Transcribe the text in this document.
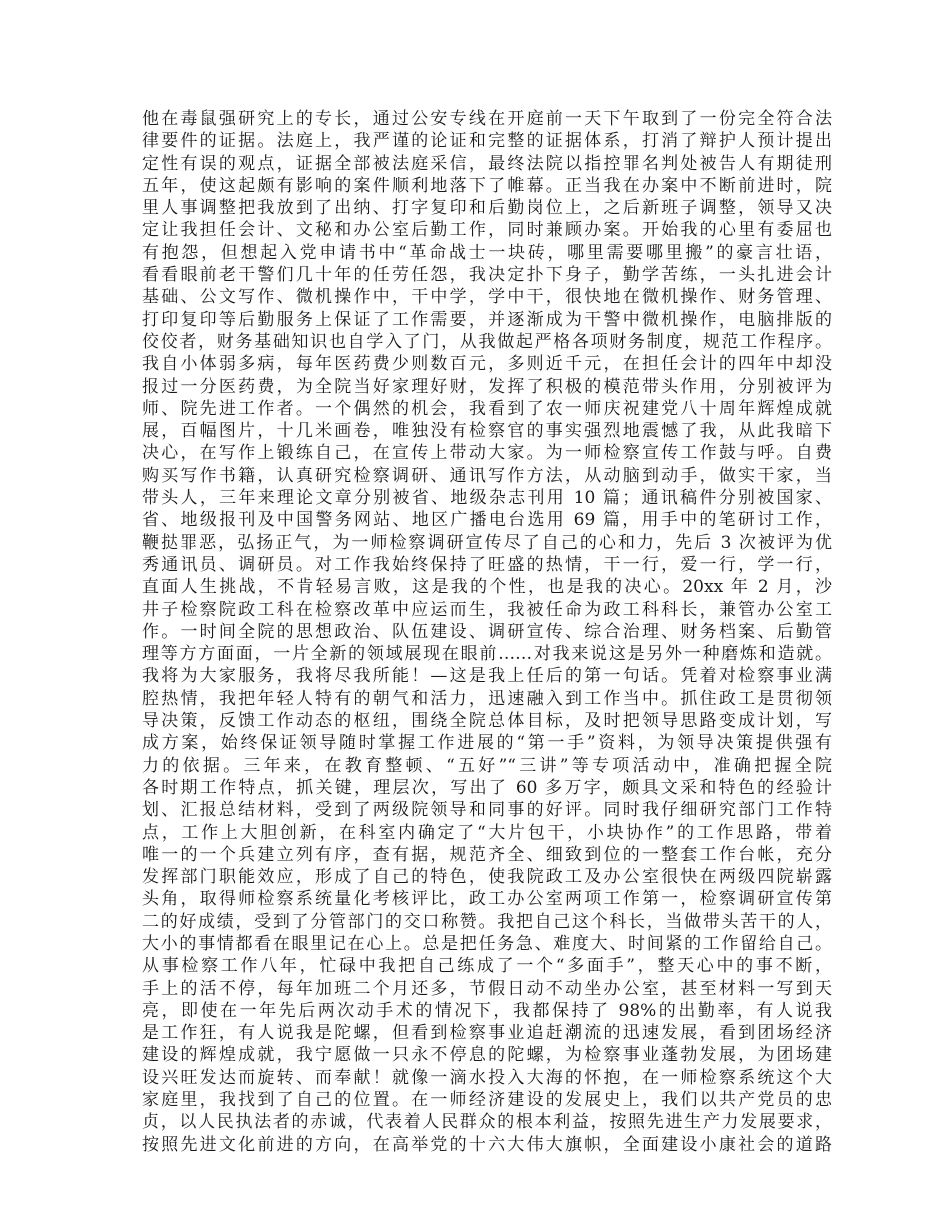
他在毒鼠强研究上的专长，通过公安专线在开庭前一天下午取到了一份完全符合法
律要件的证据。法庭上，我严谨的论证和完整的证据体系，打消了辩护人预计提出
定性有误的观点，证据全部被法庭采信，最终法院以指控罪名判处被告人有期徒刑
五年，使这起颇有影响的案件顺利地落下了帷幕。正当我在办案中不断前进时，院
里人事调整把我放到了出纳、打字复印和后勤岗位上，之后新班子调整，领导又决
定让我担任会计、文秘和办公室后勤工作，同时兼顾办案。开始我的心里有委屈也
有抱怨，但想起入党申请书中“革命战士一块砖，哪里需要哪里搬”的豪言壮语，
看看眼前老干警们几十年的任劳任怨，我决定扑下身子，勤学苦练，一头扎进会计
基础、公文写作、微机操作中，干中学，学中干，很快地在微机操作、财务管理、
打印复印等后勤服务上保证了工作需要，并逐渐成为干警中微机操作，电脑排版的
佼佼者，财务基础知识也自学入了门，从我做起严格各项财务制度，规范工作程序。
我自小体弱多病，每年医药费少则数百元，多则近千元，在担任会计的四年中却没
报过一分医药费，为全院当好家理好财，发挥了积极的模范带头作用，分别被评为
师、院先进工作者。一个偶然的机会，我看到了农一师庆祝建党八十周年辉煌成就
展，百幅图片，十几米画卷，唯独没有检察官的事实强烈地震憾了我，从此我暗下
决心，在写作上锻练自己，在宣传上带动大家。为一师检察宣传工作鼓与呼。自费
购买写作书籍，认真研究检察调研、通讯写作方法，从动脑到动手，做实干家，当
带头人，三年来理论文章分别被省、地级杂志刊用 10 篇；通讯稿件分别被国家、
省、地级报刊及中国警务网站、地区广播电台选用 69 篇，用手中的笔研讨工作，
鞭挞罪恶，弘扬正气，为一师检察调研宣传尽了自己的心和力，先后 3 次被评为优
秀通讯员、调研员。对工作我始终保持了旺盛的热情，干一行，爱一行，学一行，
直面人生挑战，不肯轻易言败，这是我的个性，也是我的决心。20xx 年 2 月，沙
井子检察院政工科在检察改革中应运而生，我被任命为政工科科长，兼管办公室工
作。一时间全院的思想政治、队伍建设、调研宣传、综合治理、财务档案、后勤管
理等方方面面，一片全新的领域展现在眼前……对我来说这是另外一种磨炼和造就。
我将为大家服务，我将尽我所能！—这是我上任后的第一句话。凭着对检察事业满
腔热情，我把年轻人特有的朝气和活力，迅速融入到工作当中。抓住政工是贯彻领
导决策，反馈工作动态的枢纽，围绕全院总体目标，及时把领导思路变成计划，写
成方案，始终保证领导随时掌握工作进展的“第一手”资料，为领导决策提供强有
力的依据。三年来，在教育整顿、“五好”“三讲”等专项活动中，准确把握全院
各时期工作特点，抓关键，理层次，写出了 60 多万字，颇具文采和特色的经验计
划、汇报总结材料，受到了两级院领导和同事的好评。同时我仔细研究部门工作特
点，工作上大胆创新，在科室内确定了“大片包干，小块协作”的工作思路，带着
唯一的一个兵建立列有序，查有据，规范齐全、细致到位的一整套工作台帐，充分
发挥部门职能效应，形成了自己的特色，使我院政工及办公室很快在两级四院崭露
头角，取得师检察系统量化考核评比，政工办公室两项工作第一，检察调研宣传第
二的好成绩，受到了分管部门的交口称赞。我把自己这个科长，当做带头苦干的人，
大小的事情都看在眼里记在心上。总是把任务急、难度大、时间紧的工作留给自己。
从事检察工作八年，忙碌中我把自己练成了一个“多面手”，整天心中的事不断，
手上的活不停，每年加班二个月还多，节假日动不动坐办公室，甚至材料一写到天
亮，即使在一年先后两次动手术的情况下，我都保持了 98%的出勤率，有人说我
是工作狂，有人说我是陀螺，但看到检察事业追赶潮流的迅速发展，看到团场经济
建设的辉煌成就，我宁愿做一只永不停息的陀螺，为检察事业蓬勃发展，为团场建
设兴旺发达而旋转、而奉献！就像一滴水投入大海的怀抱，在一师检察系统这个大
家庭里，我找到了自己的位置。在一师经济建设的发展史上，我们以共产党员的忠
贞，以人民执法者的赤诚，代表着人民群众的根本利益，按照先进生产力发展要求，
按照先进文化前进的方向，在高举党的十六大伟大旗帜，全面建设小康社会的道路
